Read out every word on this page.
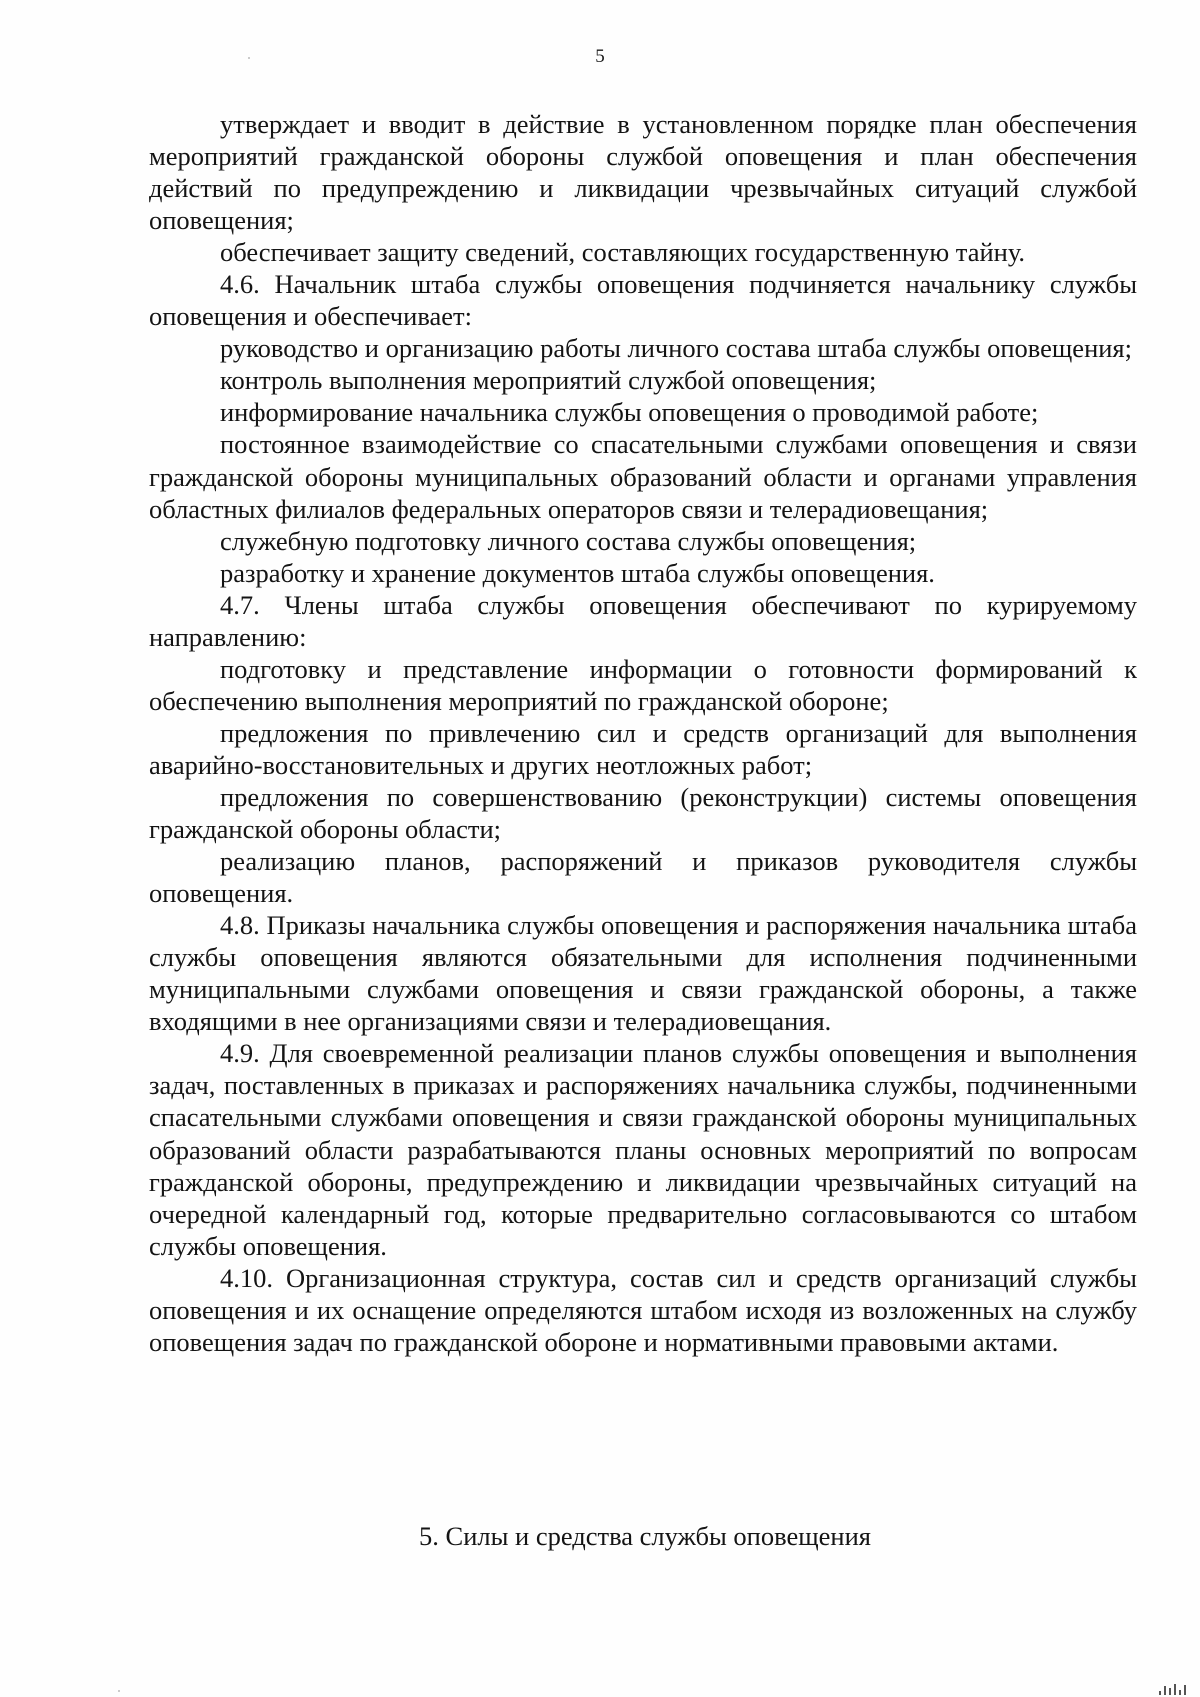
5

утверждает и вводит в действие в установленном порядке план обеспечения мероприятий гражданской обороны службой оповещения и план обеспечения действий по предупреждению и ликвидации чрезвычайных ситуаций службой оповещения;

обеспечивает защиту сведений, составляющих государственную тайну.

4.6. Начальник штаба службы оповещения подчиняется начальнику службы оповещения и обеспечивает:

руководство и организацию работы личного состава штаба службы оповещения;

контроль выполнения мероприятий службой оповещения;

информирование начальника службы оповещения о проводимой работе;

постоянное взаимодействие со спасательными службами оповещения и связи гражданской обороны муниципальных образований области и органами управления областных филиалов федеральных операторов связи и телерадиовещания;

служебную подготовку личного состава службы оповещения;

разработку и хранение документов штаба службы оповещения.

4.7. Члены штаба службы оповещения обеспечивают по курируемому направлению:

подготовку и представление информации о готовности формирований к обеспечению выполнения мероприятий по гражданской обороне;

предложения по привлечению сил и средств организаций для выполнения аварийно-восстановительных и других неотложных работ;

предложения по совершенствованию (реконструкции) системы оповещения гражданской обороны области;

реализацию планов, распоряжений и приказов руководителя службы оповещения.

4.8. Приказы начальника службы оповещения и распоряжения начальника штаба службы оповещения являются обязательными для исполнения подчиненными муниципальными службами оповещения и связи гражданской обороны, а также входящими в нее организациями связи и телерадиовещания.

4.9. Для своевременной реализации планов службы оповещения и выполнения задач, поставленных в приказах и распоряжениях начальника службы, подчиненными спасательными службами оповещения и связи гражданской обороны муниципальных образований области разрабатываются планы основных мероприятий по вопросам гражданской обороны, предупреждению и ликвидации чрезвычайных ситуаций на очередной календарный год, которые предварительно согласовываются со штабом службы оповещения.

4.10. Организационная структура, состав сил и средств организаций службы оповещения и их оснащение определяются штабом исходя из возложенных на службу оповещения задач по гражданской обороне и нормативными правовыми актами.

5. Силы и средства службы оповещения
